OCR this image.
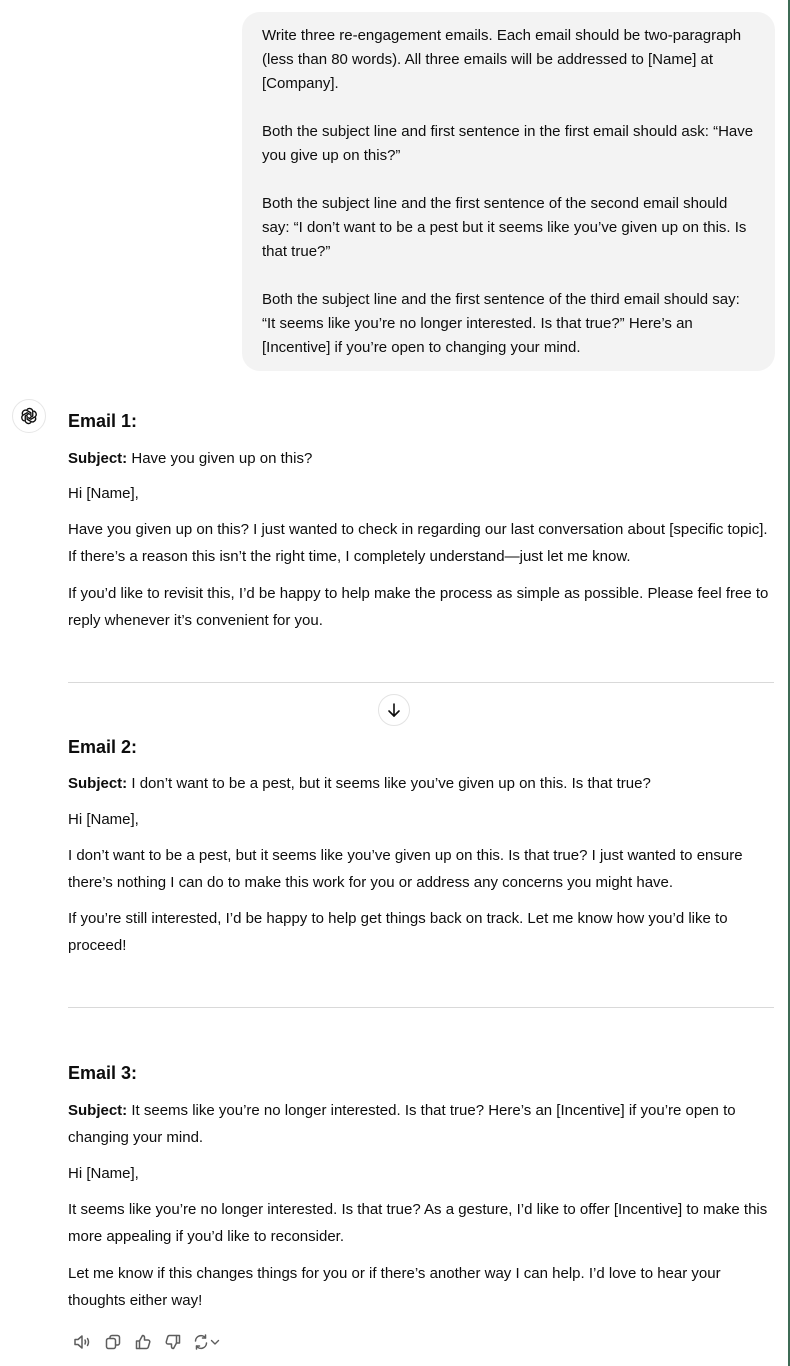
Write three re-engagement emails. Each email should be two-paragraph (less than 80 words). All three emails will be addressed to [Name] at [Company].

Both the subject line and first sentence in the first email should ask: “Have you give up on this?”

Both the subject line and the first sentence of the second email should say: “I don’t want to be a pest but it seems like you’ve given up on this. Is that true?”

Both the subject line and the first sentence of the third email should say: “It seems like you’re no longer interested. Is that true?” Here’s an [Incentive] if you’re open to changing your mind.

Email 1:

Subject: Have you given up on this?

Hi [Name],

Have you given up on this? I just wanted to check in regarding our last conversation about [specific topic]. If there’s a reason this isn’t the right time, I completely understand—just let me know.

If you’d like to revisit this, I’d be happy to help make the process as simple as possible. Please feel free to reply whenever it’s convenient for you.

Email 2:

Subject: I don’t want to be a pest, but it seems like you’ve given up on this. Is that true?

Hi [Name],

I don’t want to be a pest, but it seems like you’ve given up on this. Is that true? I just wanted to ensure there’s nothing I can do to make this work for you or address any concerns you might have.

If you’re still interested, I’d be happy to help get things back on track. Let me know how you’d like to proceed!

Email 3:

Subject: It seems like you’re no longer interested. Is that true? Here’s an [Incentive] if you’re open to changing your mind.

Hi [Name],

It seems like you’re no longer interested. Is that true? As a gesture, I’d like to offer [Incentive] to make this more appealing if you’d like to reconsider.

Let me know if this changes things for you or if there’s another way I can help. I’d love to hear your thoughts either way!
